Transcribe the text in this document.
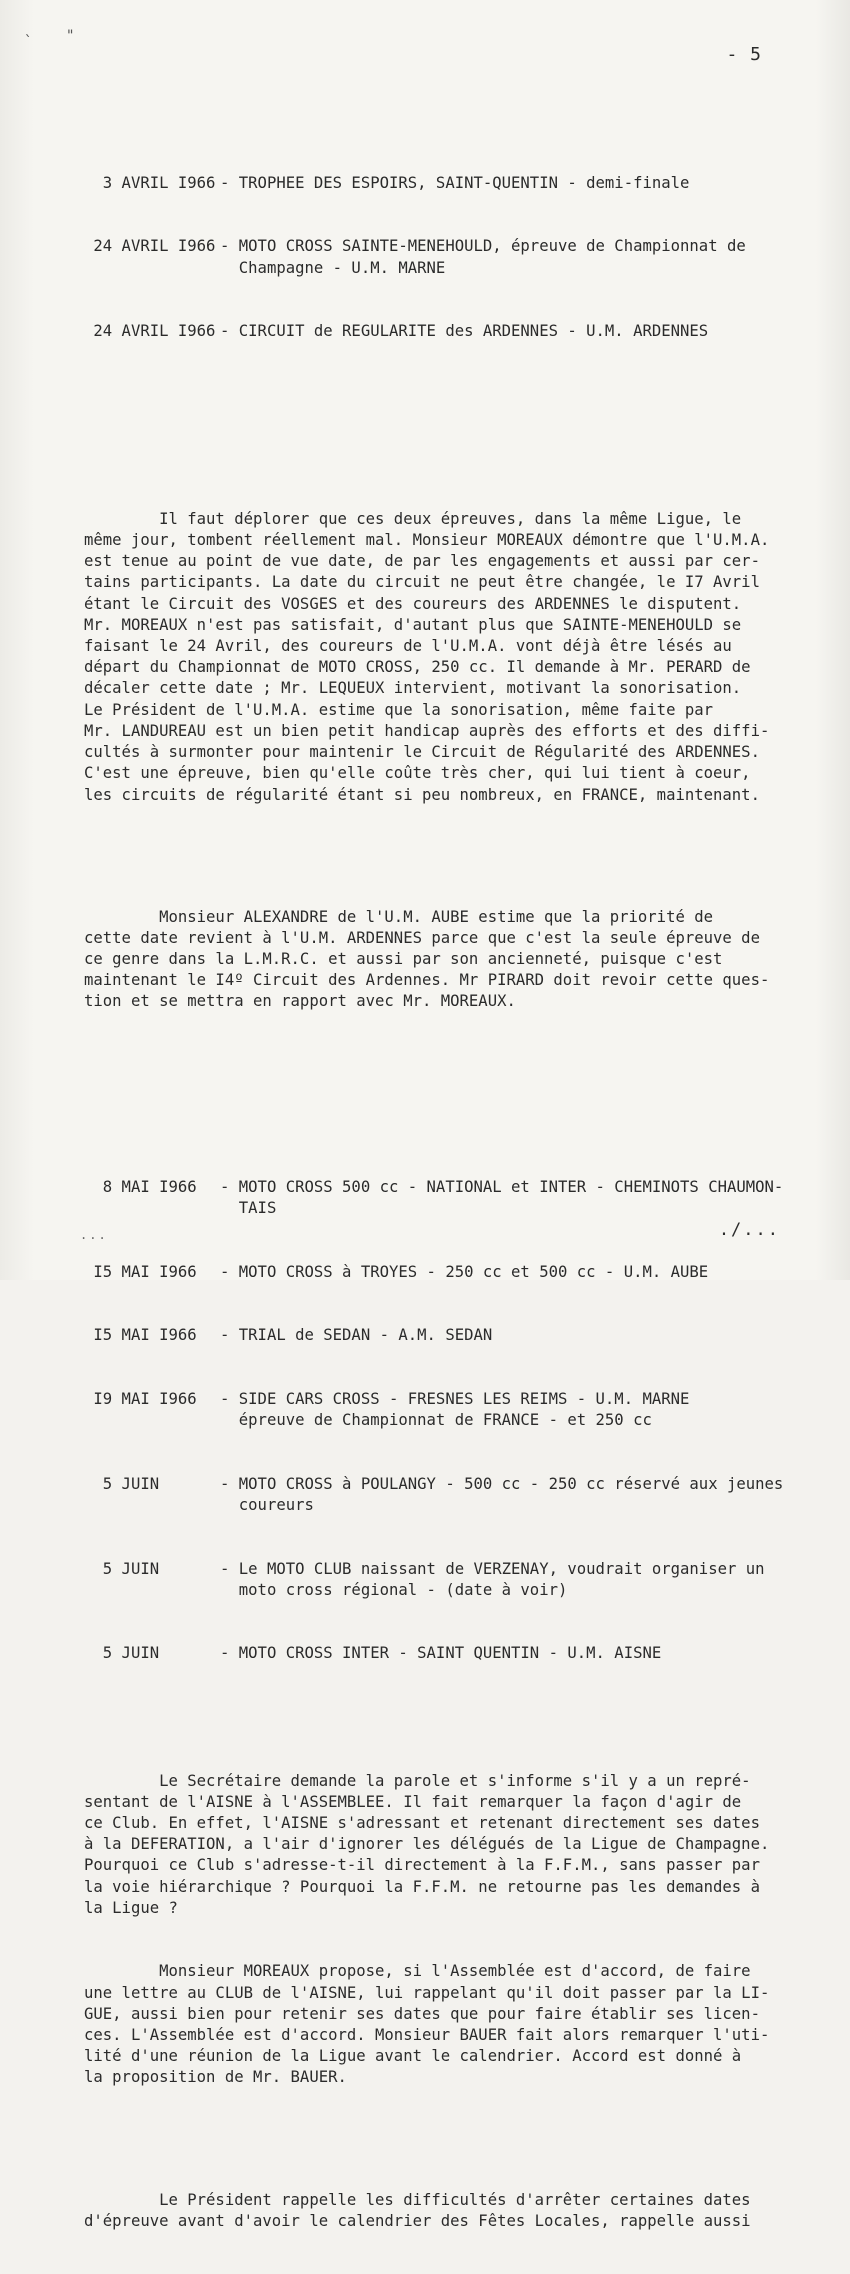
` "
- 5

3 AVRIL I966 - TROPHEE DES ESPOIRS, SAINT-QUENTIN - demi-finale

24 AVRIL I966 - MOTO CROSS SAINTE-MENEHOULD, épreuve de Championnat de
Champagne - U.M. MARNE

24 AVRIL I966 - CIRCUIT de REGULARITE des ARDENNES - U.M. ARDENNES

Il faut déplorer que ces deux épreuves, dans la même Ligue, le
même jour, tombent réellement mal. Monsieur MOREAUX démontre que l'U.M.A.
est tenue au point de vue date, de par les engagements et aussi par cer-
tains participants. La date du circuit ne peut être changée, le I7 Avril
étant le Circuit des VOSGES et des coureurs des ARDENNES le disputent.
Mr. MOREAUX n'est pas satisfait, d'autant plus que SAINTE-MENEHOULD se
faisant le 24 Avril, des coureurs de l'U.M.A. vont déjà être lésés au
départ du Championnat de MOTO CROSS, 250 cc. Il demande à Mr. PERARD de
décaler cette date ; Mr. LEQUEUX intervient, motivant la sonorisation.
Le Président de l'U.M.A. estime que la sonorisation, même faite par
Mr. LANDUREAU est un bien petit handicap auprès des efforts et des diffi-
cultés à surmonter pour maintenir le Circuit de Régularité des ARDENNES.
C'est une épreuve, bien qu'elle coûte très cher, qui lui tient à coeur,
les circuits de régularité étant si peu nombreux, en FRANCE, maintenant.

Monsieur ALEXANDRE de l'U.M. AUBE estime que la priorité de
cette date revient à l'U.M. ARDENNES parce que c'est la seule épreuve de
ce genre dans la L.M.R.C. et aussi par son ancienneté, puisque c'est
maintenant le I4º Circuit des Ardennes. Mr PIRARD doit revoir cette ques-
tion et se mettra en rapport avec Mr. MOREAUX.

8 MAI I966	- MOTO CROSS 500 cc - NATIONAL et INTER - CHEMINOTS CHAUMON-
TAIS

I5 MAI I966	- MOTO CROSS à TROYES - 250 cc et 500 cc - U.M. AUBE

I5 MAI I966	- TRIAL de SEDAN - A.M. SEDAN

I9 MAI I966	- SIDE CARS CROSS - FRESNES LES REIMS - U.M. MARNE
épreuve de Championnat de FRANCE - et 250 cc

5 JUIN	- MOTO CROSS à POULANGY - 500 cc - 250 cc réservé aux jeunes
coureurs

5 JUIN	- Le MOTO CLUB naissant de VERZENAY, voudrait organiser un
moto cross régional - (date à voir)

5 JUIN	- MOTO CROSS INTER - SAINT QUENTIN - U.M. AISNE

Le Secrétaire demande la parole et s'informe s'il y a un repré-
sentant de l'AISNE à l'ASSEMBLEE. Il fait remarquer la façon d'agir de
ce Club. En effet, l'AISNE s'adressant et retenant directement ses dates
à la DEFERATION, a l'air d'ignorer les délégués de la Ligue de Champagne.
Pourquoi ce Club s'adresse-t-il directement à la F.F.M., sans passer par
la voie hiérarchique ? Pourquoi la F.F.M. ne retourne pas les demandes à
la Ligue ?

Monsieur MOREAUX propose, si l'Assemblée est d'accord, de faire
une lettre au CLUB de l'AISNE, lui rappelant qu'il doit passer par la LI-
GUE, aussi bien pour retenir ses dates que pour faire établir ses licen-
ces. L'Assemblée est d'accord. Monsieur BAUER fait alors remarquer l'uti-
lité d'une réunion de la Ligue avant le calendrier. Accord est donné à
la proposition de Mr. BAUER.

Le Président rappelle les difficultés d'arrêter certaines dates
d'épreuve avant d'avoir le calendrier des Fêtes Locales, rappelle aussi

...	./...
